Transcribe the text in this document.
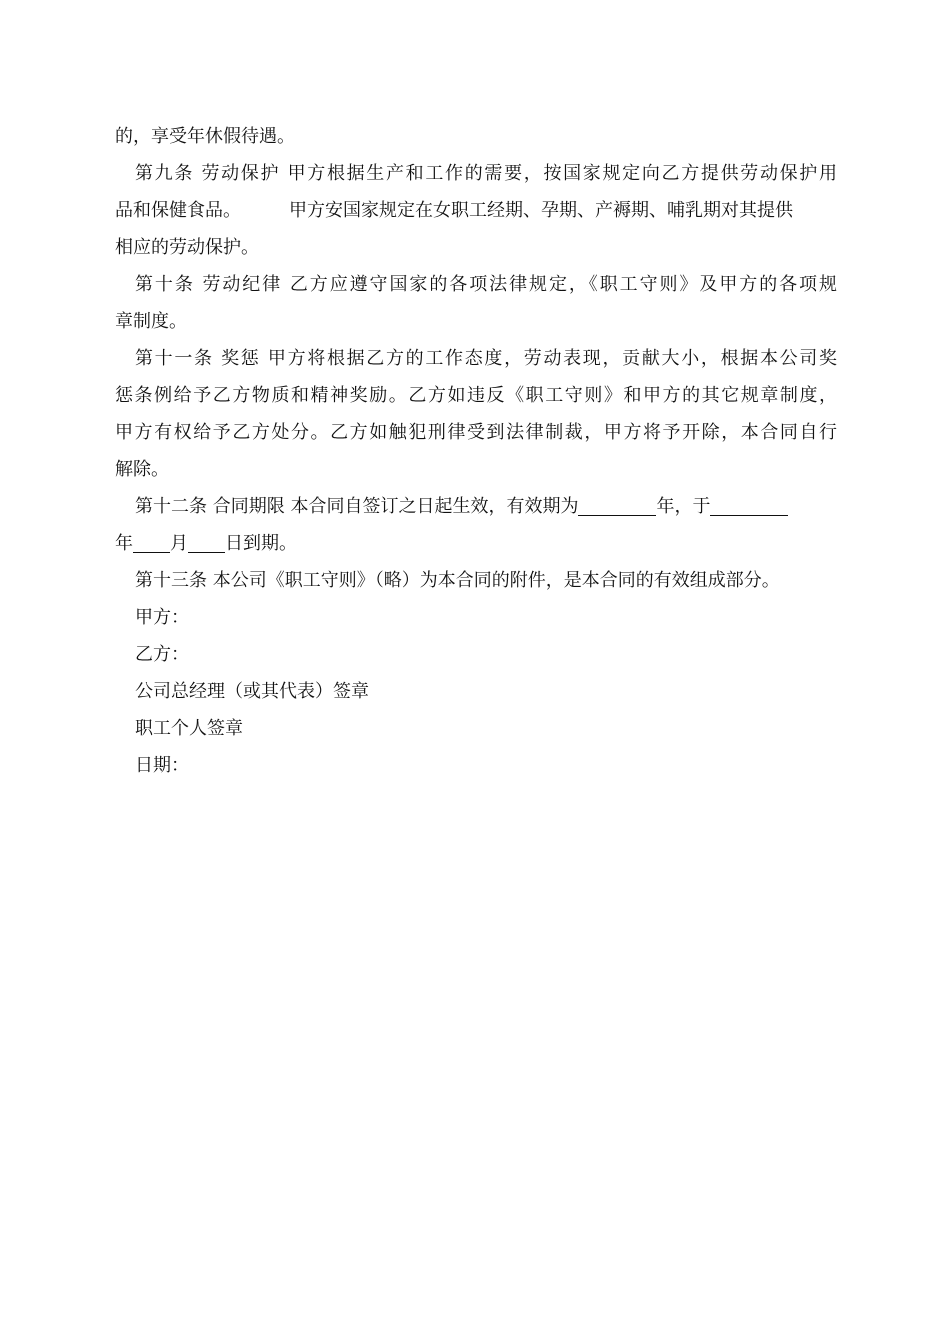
的，享受年休假待遇。
第九条 劳动保护 甲方根据生产和工作的需要，按国家规定向乙方提供劳动保护用
品和保健食品。	甲方安国家规定在女职工经期、孕期、产褥期、哺乳期对其提供
相应的劳动保护。
第十条 劳动纪律 乙方应遵守国家的各项法律规定，《职工守则》及甲方的各项规
章制度。
第十一条 奖惩 甲方将根据乙方的工作态度，劳动表现，贡献大小，根据本公司奖
惩条例给予乙方物质和精神奖励。乙方如违反《职工守则》和甲方的其它规章制度，
甲方有权给予乙方处分。乙方如触犯刑律受到法律制裁，甲方将予开除，本合同自行
解除。
第十二条 合同期限 本合同自签订之日起生效，有效期为	年，于
年 月 日到期。
第十三条 本公司《职工守则》（略）为本合同的附件，是本合同的有效组成部分。
甲方：
乙方：
公司总经理（或其代表）签章
职工个人签章
日期：
